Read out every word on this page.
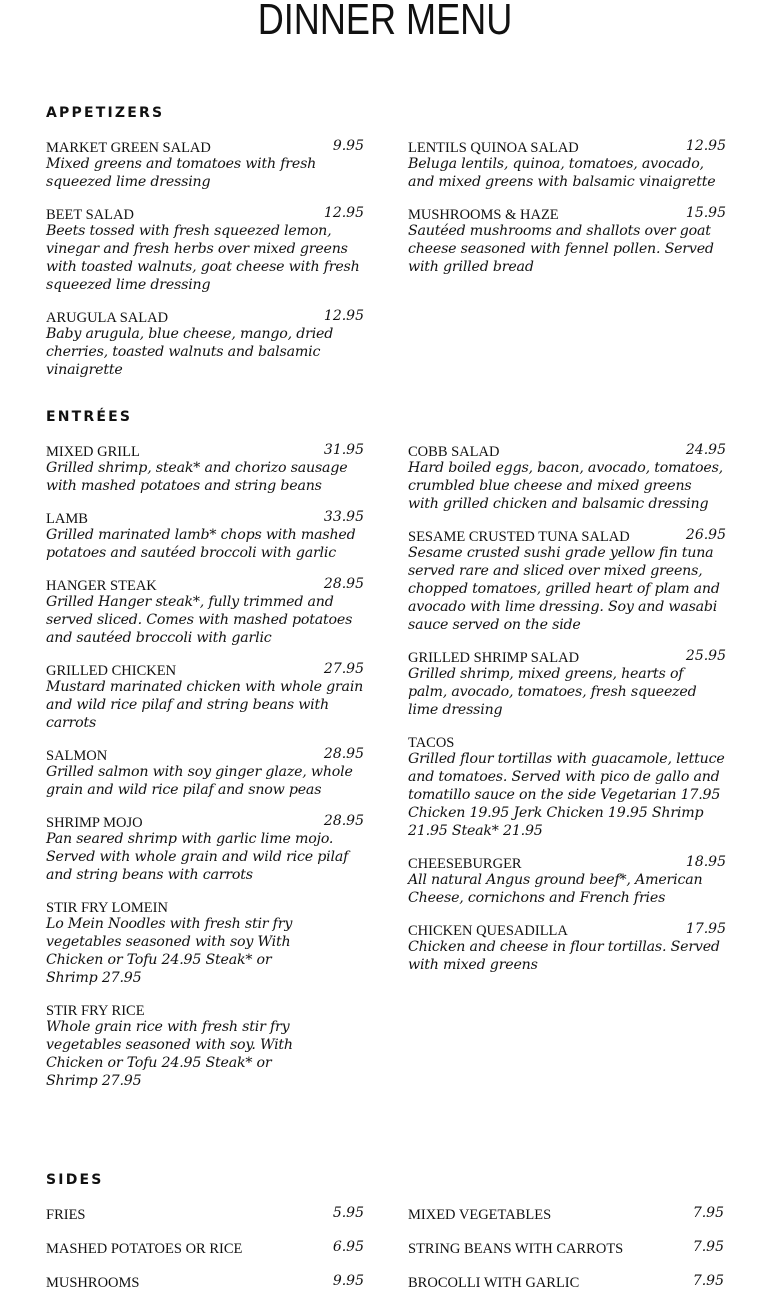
DINNER MENU
APPETIZERS
MARKET GREEN SALAD	9.95
Mixed greens and tomatoes with fresh squeezed lime dressing
BEET SALAD	12.95
Beets tossed with fresh squeezed lemon, vinegar and fresh herbs over mixed greens with toasted walnuts, goat cheese with fresh squeezed lime dressing
ARUGULA SALAD	12.95
Baby arugula, blue cheese, mango, dried cherries, toasted walnuts and balsamic vinaigrette
LENTILS QUINOA SALAD	12.95
Beluga lentils, quinoa, tomatoes, avocado, and mixed greens with balsamic vinaigrette
MUSHROOMS & HAZE	15.95
Sautéed mushrooms and shallots over goat cheese seasoned with fennel pollen. Served with grilled bread
ENTRÉES
MIXED GRILL	31.95
Grilled shrimp, steak* and chorizo sausage with mashed potatoes and string beans
LAMB	33.95
Grilled marinated lamb* chops with mashed potatoes and sautéed broccoli with garlic
HANGER STEAK	28.95
Grilled Hanger steak*, fully trimmed and served sliced. Comes with mashed potatoes and sautéed broccoli with garlic
GRILLED CHICKEN	27.95
Mustard marinated chicken with whole grain and wild rice pilaf and string beans with carrots
SALMON	28.95
Grilled salmon with soy ginger glaze, whole grain and wild rice pilaf and snow peas
SHRIMP MOJO	28.95
Pan seared shrimp with garlic lime mojo. Served with whole grain and wild rice pilaf and string beans with carrots
STIR FRY LOMEIN
Lo Mein Noodles with fresh stir fry vegetables seasoned with soy With Chicken or Tofu 24.95 Steak* or Shrimp 27.95
STIR FRY RICE
Whole grain rice with fresh stir fry vegetables seasoned with soy. With Chicken or Tofu 24.95 Steak* or Shrimp 27.95
COBB SALAD	24.95
Hard boiled eggs, bacon, avocado, tomatoes, crumbled blue cheese and mixed greens with grilled chicken and balsamic dressing
SESAME CRUSTED TUNA SALAD	26.95
Sesame crusted sushi grade yellow fin tuna served rare and sliced over mixed greens, chopped tomatoes, grilled heart of plam and avocado with lime dressing. Soy and wasabi sauce served on the side
GRILLED SHRIMP SALAD	25.95
Grilled shrimp, mixed greens, hearts of palm, avocado, tomatoes, fresh squeezed lime dressing
TACOS
Grilled flour tortillas with guacamole, lettuce and tomatoes. Served with pico de gallo and tomatillo sauce on the side Vegetarian 17.95 Chicken 19.95 Jerk Chicken 19.95 Shrimp 21.95 Steak* 21.95
CHEESEBURGER	18.95
All natural Angus ground beef*, American Cheese, cornichons and French fries
CHICKEN QUESADILLA	17.95
Chicken and cheese in flour tortillas. Served with mixed greens
SIDES
FRIES	5.95
MASHED POTATOES OR RICE	6.95
MUSHROOMS	9.95
MIXED VEGETABLES	7.95
STRING BEANS WITH CARROTS	7.95
BROCOLLI WITH GARLIC	7.95
